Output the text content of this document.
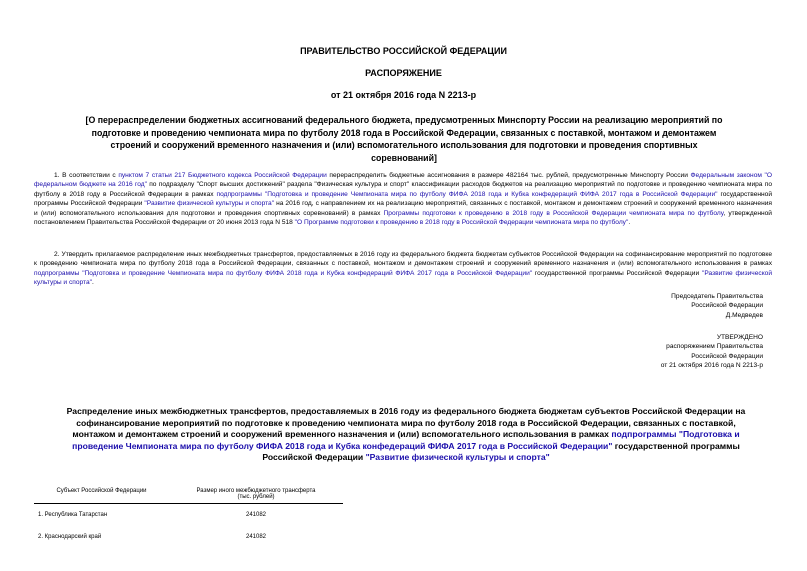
ПРАВИТЕЛЬСТВО РОССИЙСКОЙ ФЕДЕРАЦИИ
РАСПОРЯЖЕНИЕ
от 21 октября 2016 года N 2213-р
[О перераспределении бюджетных ассигнований федерального бюджета, предусмотренных Минспорту России на реализацию мероприятий по подготовке и проведению чемпионата мира по футболу 2018 года в Российской Федерации, связанных с поставкой, монтажом и демонтажем строений и сооружений временного назначения и (или) вспомогательного использования для подготовки и проведения спортивных соревнований]
1. В соответствии с пунктом 7 статьи 217 Бюджетного кодекса Российской Федерации перераспределить бюджетные ассигнования в размере 482164 тыс. рублей, предусмотренные Минспорту России Федеральным законом "О федеральном бюджете на 2016 год" по подразделу "Спорт высших достижений" раздела "Физическая культура и спорт" классификации расходов бюджетов на реализацию мероприятий по подготовке и проведению чемпионата мира по футболу в 2018 году в Российской Федерации в рамках подпрограммы "Подготовка и проведение Чемпионата мира по футболу ФИФА 2018 года и Кубка конфедераций ФИФА 2017 года в Российской Федерации" государственной программы Российской Федерации "Развитие физической культуры и спорта" на 2016 год, с направлением их на реализацию мероприятий, связанных с поставкой, монтажом и демонтажем строений и сооружений временного назначения и (или) вспомогательного использования для подготовки и проведения спортивных соревнований) в рамках Программы подготовки к проведению в 2018 году в Российской Федерации чемпионата мира по футболу, утвержденной постановлением Правительства Российской Федерации от 20 июня 2013 года N 518 "О Программе подготовки к проведению в 2018 году в Российской Федерации чемпионата мира по футболу".
2. Утвердить прилагаемое распределение иных межбюджетных трансфертов, предоставляемых в 2016 году из федерального бюджета бюджетам субъектов Российской Федерации на софинансирование мероприятий по подготовке к проведению чемпионата мира по футболу 2018 года в Российской Федерации, связанных с поставкой, монтажом и демонтажем строений и сооружений временного назначения и (или) вспомогательного использования в рамках подпрограммы "Подготовка и проведение Чемпионата мира по футболу ФИФА 2018 года и Кубка конфедераций ФИФА 2017 года в Российской Федерации" государственной программы Российской Федерации "Развитие физической культуры и спорта".
Председатель Правительства
Российской Федерации
Д.Медведев
УТВЕРЖДЕНО
распоряжением Правительства
Российской Федерации
от 21 октября 2016 года N 2213-р
Распределение иных межбюджетных трансфертов, предоставляемых в 2016 году из федерального бюджета бюджетам субъектов Российской Федерации на софинансирование мероприятий по подготовке к проведению чемпионата мира по футболу 2018 года в Российской Федерации, связанных с поставкой, монтажом и демонтажем строений и сооружений временного назначения и (или) вспомогательного использования в рамках подпрограммы "Подготовка и проведение Чемпионата мира по футболу ФИФА 2018 года и Кубка конфедераций ФИФА 2017 года в Российской Федерации" государственной программы Российской Федерации "Развитие физической культуры и спорта"
Субъект Российской Федерации	Размер иного межбюджетного трансферта
(тыс. рублей)
1. Республика Татарстан	241082
2. Краснодарский край	241082
